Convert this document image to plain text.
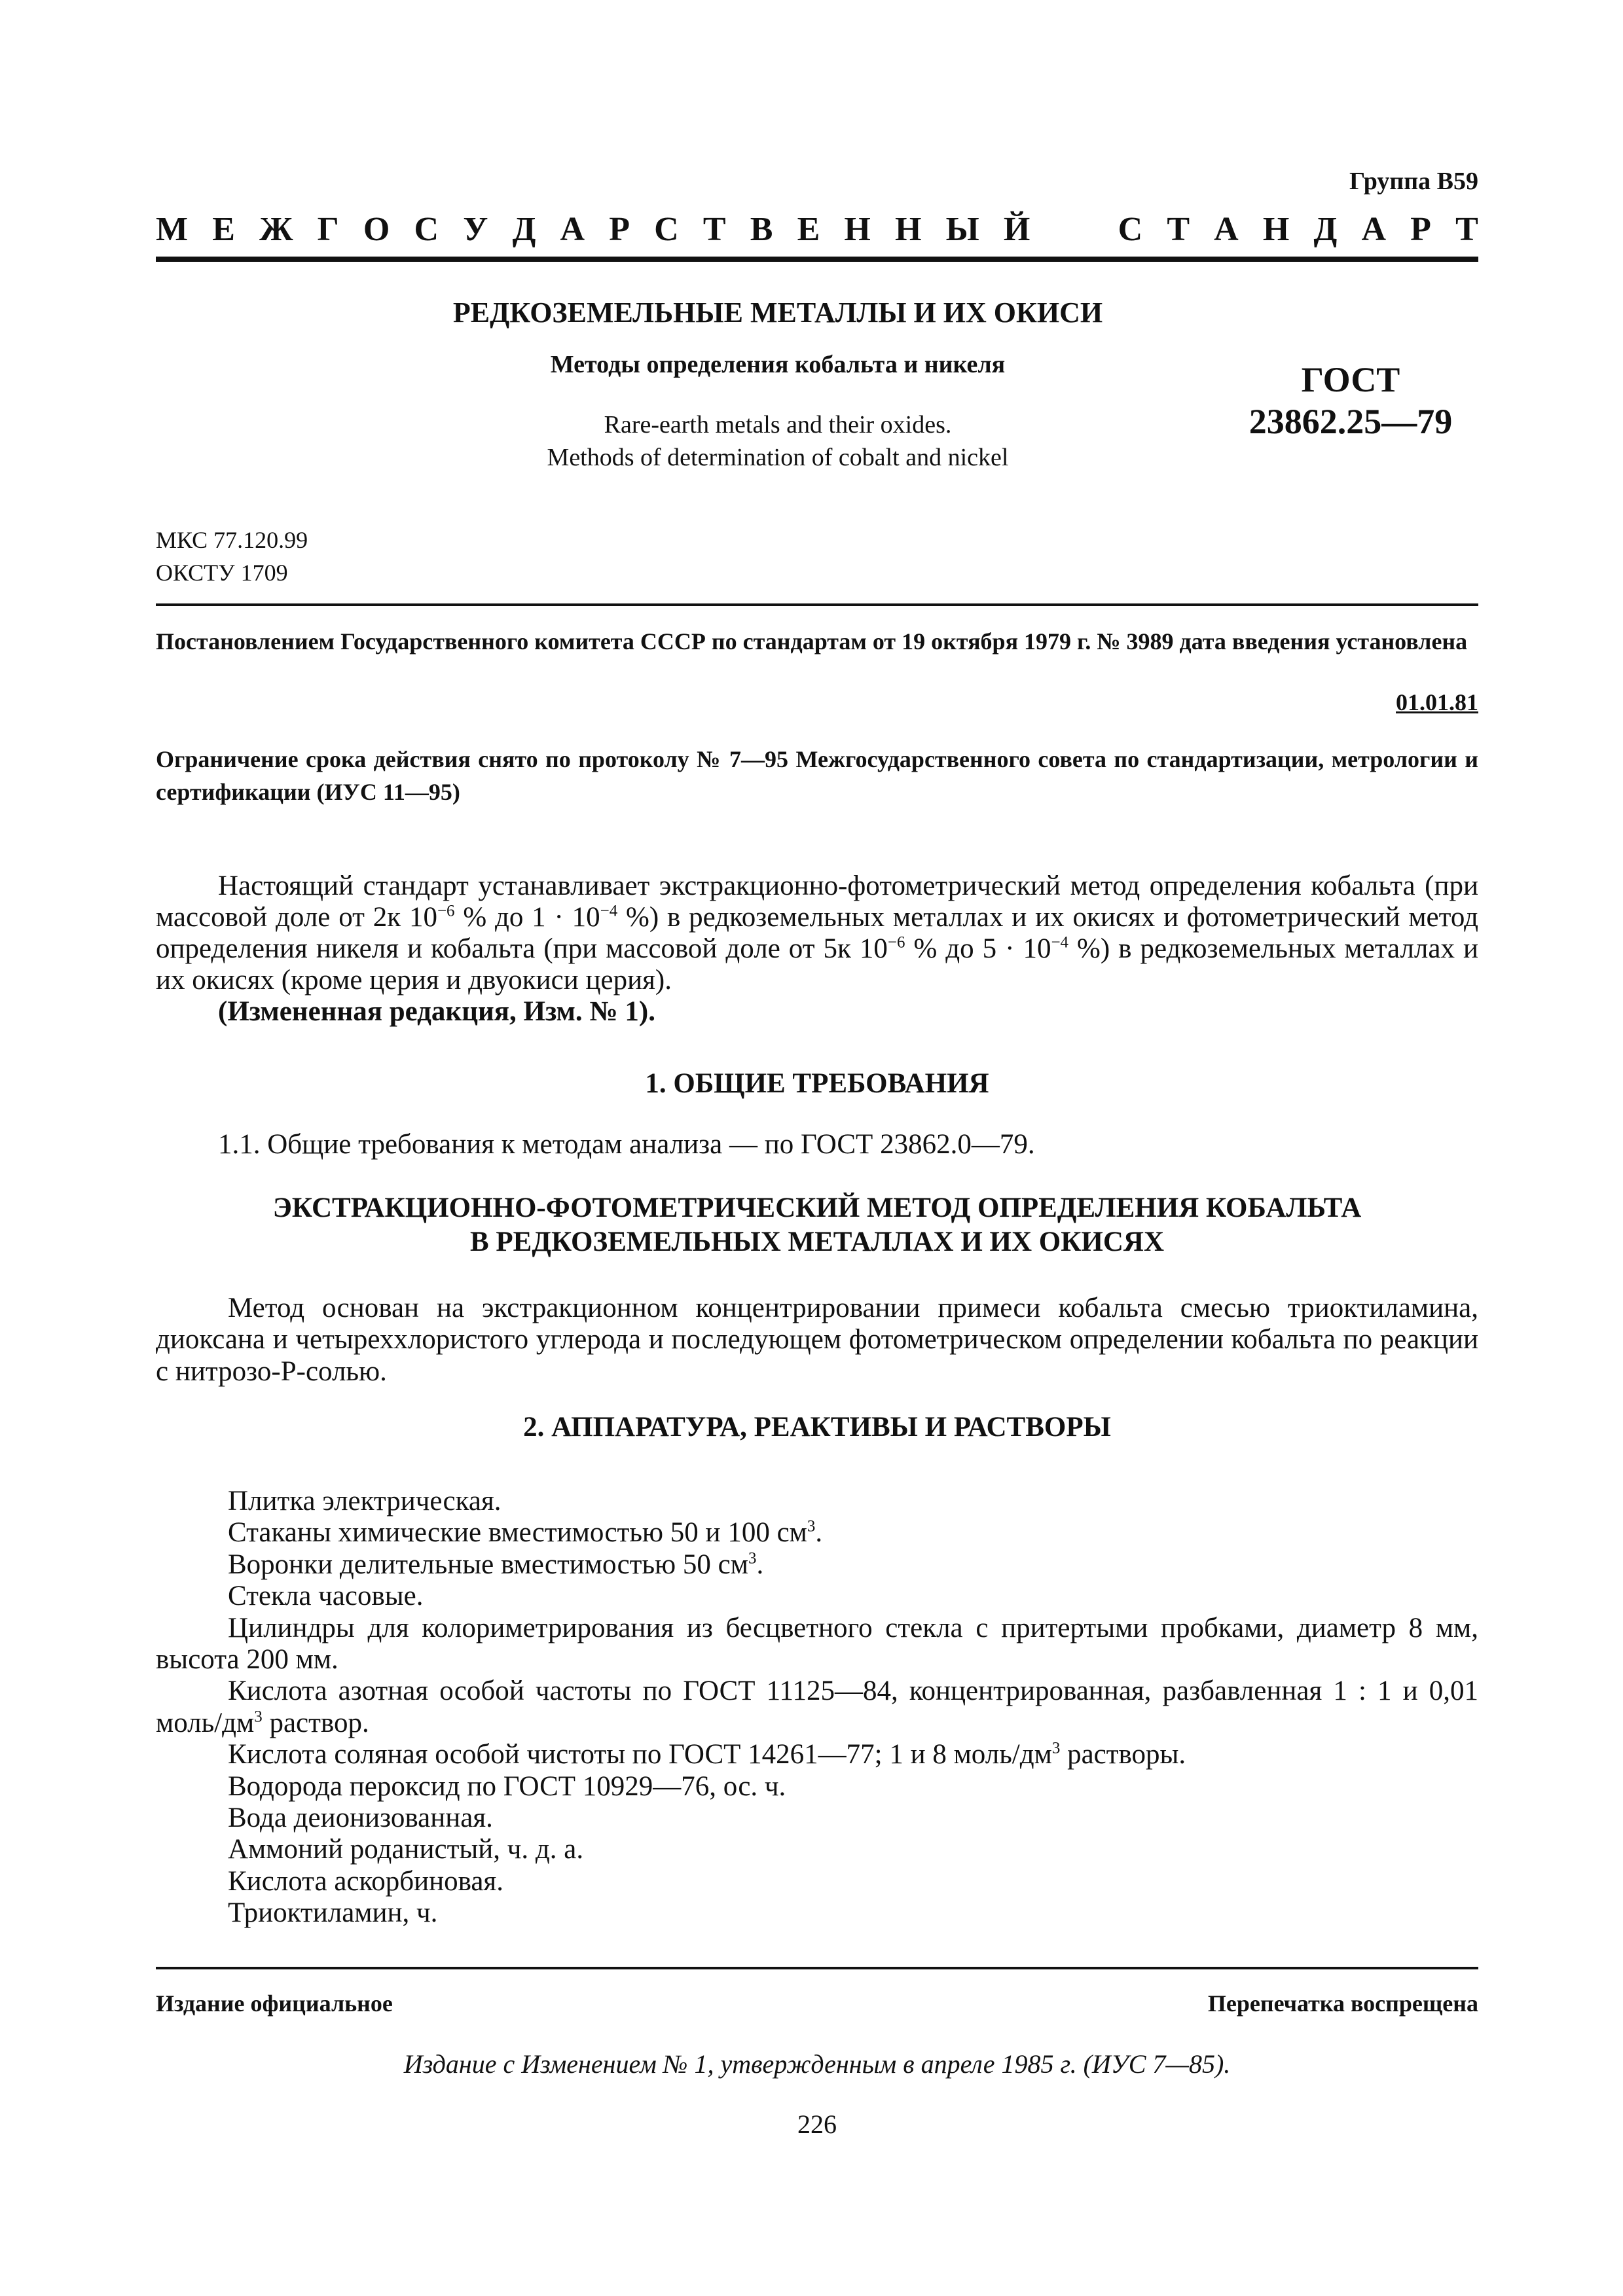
Группа В59
М Е Ж Г О С У Д А Р С Т В Е Н Н Ы Й	С Т А Н Д А Р Т
РЕДКОЗЕМЕЛЬНЫЕ МЕТАЛЛЫ И ИХ ОКИСИ
Методы определения кобальта и никеля
Rare-earth metals and their oxides.
Methods of determination of cobalt and nickel
ГОСТ
23862.25—79
МКС 77.120.99
ОКСТУ 1709
Постановлением Государственного комитета СССР по стандартам от 19 октября 1979 г. № 3989 дата введения установлена
01.01.81
Ограничение срока действия снято по протоколу № 7—95 Межгосударственного совета по стандартизации, метрологии и сертификации (ИУС 11—95)

Настоящий стандарт устанавливает экстракционно-фотометрический метод определения кобальта (при массовой доле от 2к $10^{-6}$ % до $1 \cdot 10^{-4}$ %) в редкоземельных металлах и их окисях и фотометрический метод определения никеля и кобальта (при массовой доле от 5к $10^{-6}$ % до $5 \cdot 10^{-4}$ %) в редкоземельных металлах и их окисях (кроме церия и двуокиси церия).

(Измененная редакция, Изм. № 1).

1. ОБЩИЕ ТРЕБОВАНИЯ

1.1. Общие требования к методам анализа — по ГОСТ 23862.0—79.

ЭКСТРАКЦИОННО-ФОТОМЕТРИЧЕСКИЙ МЕТОД ОПРЕДЕЛЕНИЯ КОБАЛЬТА
В РЕДКОЗЕМЕЛЬНЫХ МЕТАЛЛАХ И ИХ ОКИСЯХ

Метод основан на экстракционном концентрировании примеси кобальта смесью триоктиламина, диоксана и четыреххлористого углерода и последующем фотометрическом определении кобальта по реакции с нитрозо-Р-солью.

2. АППАРАТУРА, РЕАКТИВЫ И РАСТВОРЫ

Плитка электрическая.

Стаканы химические вместимостью 50 и 100 $см^3$.

Воронки делительные вместимостью 50 $см^3$.

Стекла часовые.

Цилиндры для колориметрирования из бесцветного стекла с притертыми пробками, диаметр 8 мм, высота 200 мм.

Кислота азотная особой частоты по ГОСТ 11125—84, концентрированная, разбавленная 1 : 1 и 0,01 моль/$дм^3$ раствор.

Кислота соляная особой чистоты по ГОСТ 14261—77; 1 и 8 моль/$дм^3$ растворы.

Водорода пероксид по ГОСТ 10929—76, ос. ч.

Вода деионизованная.

Аммоний роданистый, ч. д. а.

Кислота аскорбиновая.

Триоктиламин, ч.

Издание официальное	Перепечатка воспрещена
Издание с Изменением № 1, утвержденным в апреле 1985 г. (ИУС 7—85).
226
